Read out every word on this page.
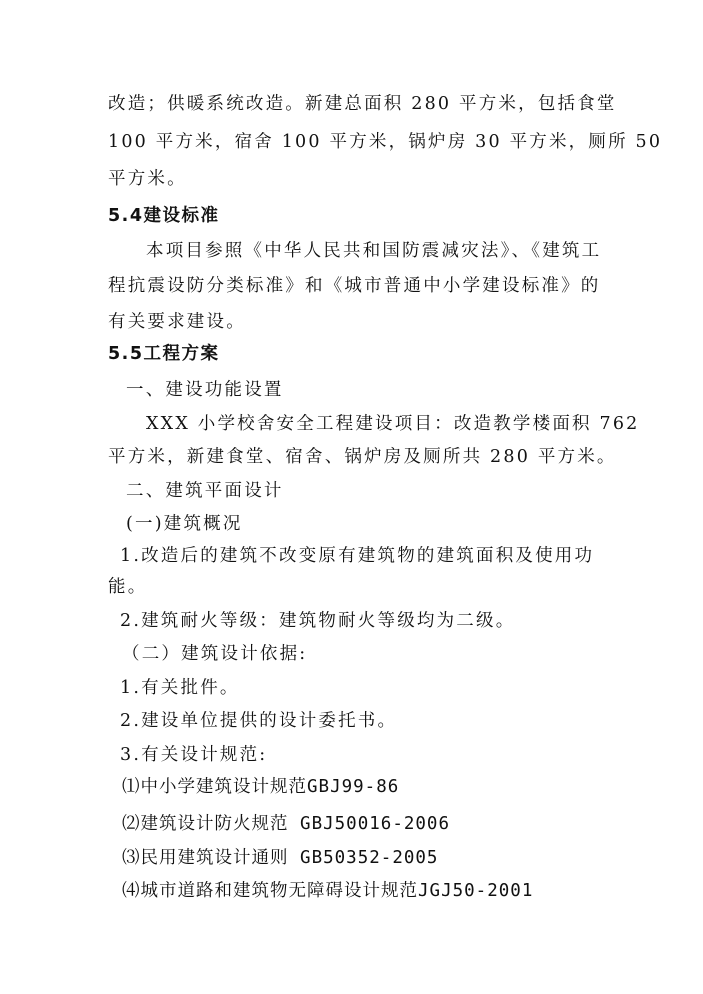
改造；供暖系统改造。新建总面积 280 平方米，包括食堂
100 平方米，宿舍 100 平方米，锅炉房 30 平方米，厕所 50
平方米。
5.4建设标准
本项目参照《中华人民共和国防震减灾法》、《建筑工
程抗震设防分类标准》和《城市普通中小学建设标准》的
有关要求建设。
5.5工程方案
一、建设功能设置
XXX 小学校舍安全工程建设项目：改造教学楼面积 762
平方米，新建食堂、宿舍、锅炉房及厕所共 280 平方米。
二、建筑平面设计
(一)建筑概况
1.改造后的建筑不改变原有建筑物的建筑面积及使用功
能。
2.建筑耐火等级：建筑物耐火等级均为二级。
（二）建筑设计依据:
1.有关批件。
2.建设单位提供的设计委托书。
3.有关设计规范:
⑴中小学建筑设计规范GBJ99-86
⑵建筑设计防火规范 GBJ50016-2006
⑶民用建筑设计通则 GB50352-2005
⑷城市道路和建筑物无障碍设计规范JGJ50-2001
